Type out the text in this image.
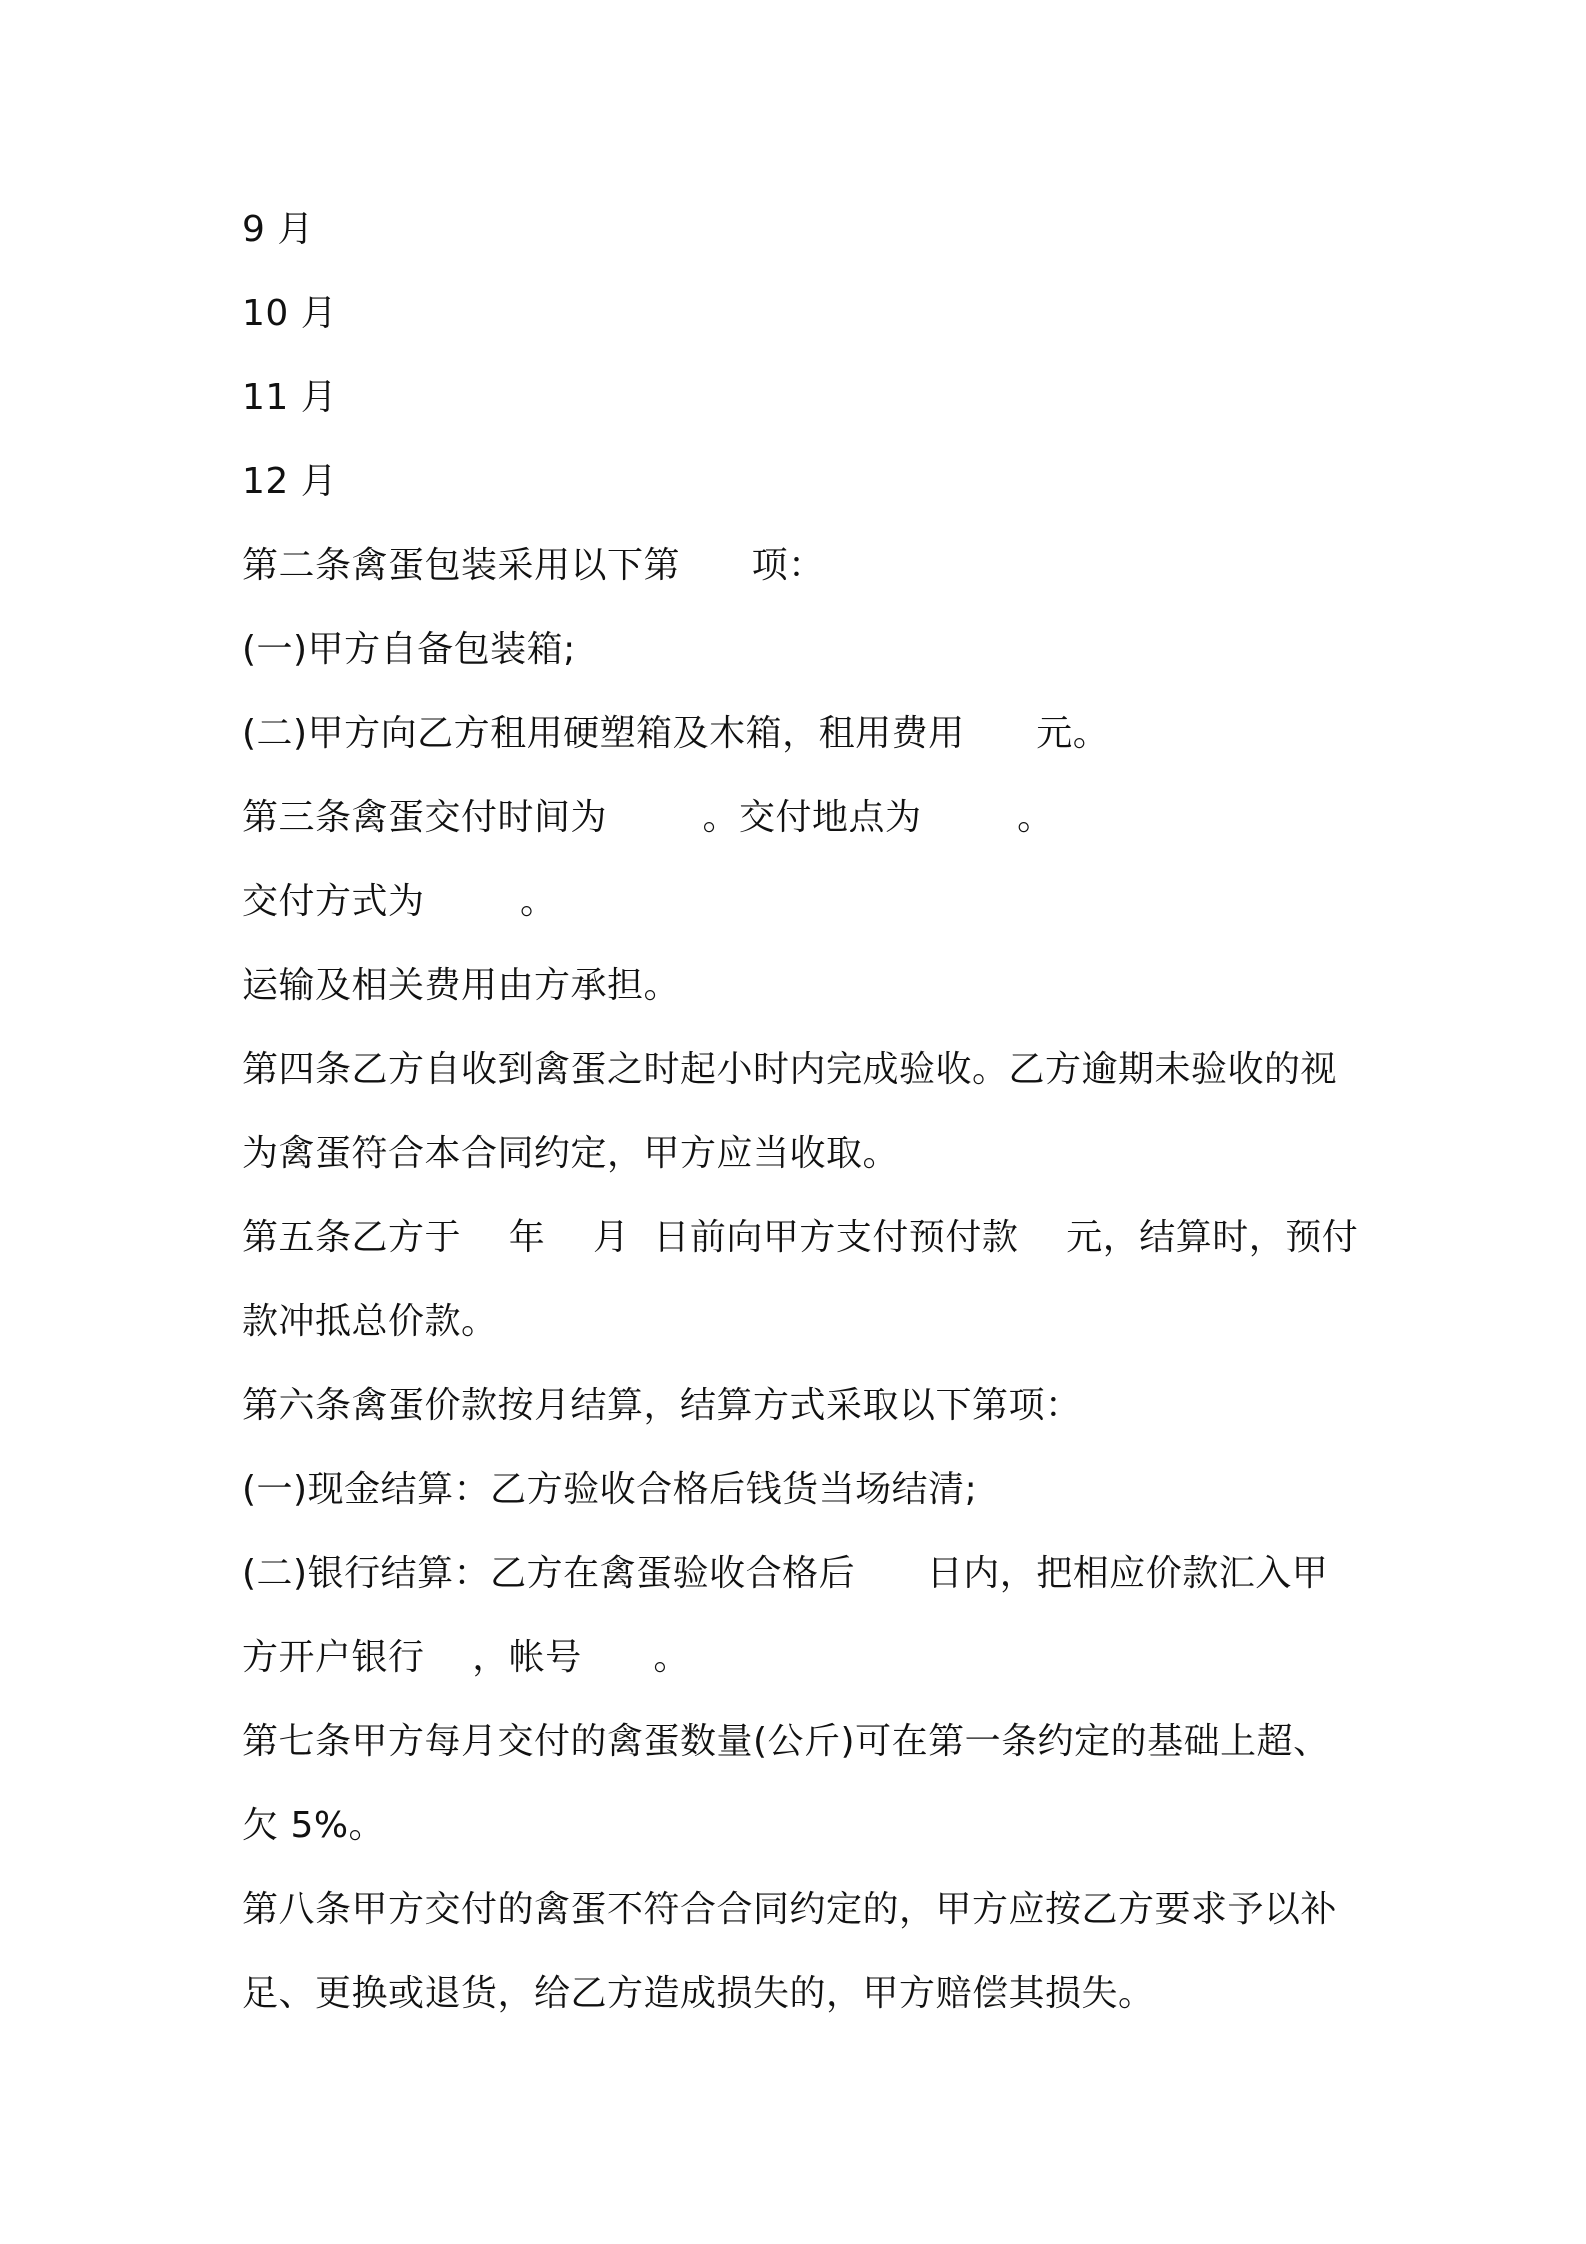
9 月
10 月
11 月
12 月
第二条禽蛋包装采用以下第      项：
(一)甲方自备包装箱;
(二)甲方向乙方租用硬塑箱及木箱，租用费用      元。
第三条禽蛋交付时间为        。交付地点为        。
交付方式为        。
运输及相关费用由方承担。
第四条乙方自收到禽蛋之时起小时内完成验收。乙方逾期未验收的视
为禽蛋符合本合同约定，甲方应当收取。
第五条乙方于    年    月  日前向甲方支付预付款    元，结算时，预付
款冲抵总价款。
第六条禽蛋价款按月结算，结算方式采取以下第项：
(一)现金结算：乙方验收合格后钱货当场结清;
(二)银行结算：乙方在禽蛋验收合格后      日内，把相应价款汇入甲
方开户银行    ，帐号      。
第七条甲方每月交付的禽蛋数量(公斤)可在第一条约定的基础上超、
欠 5%。
第八条甲方交付的禽蛋不符合合同约定的，甲方应按乙方要求予以补
足、更换或退货，给乙方造成损失的，甲方赔偿其损失。
